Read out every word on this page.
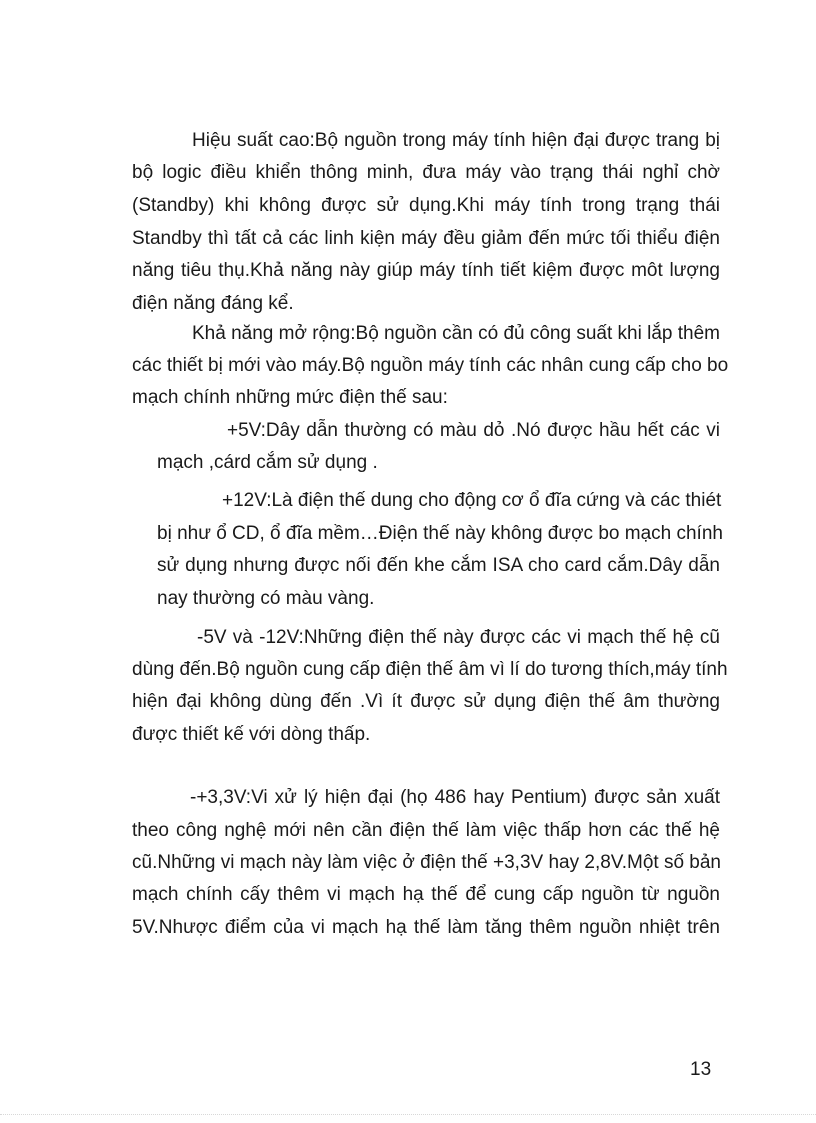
Hiệu suất cao:Bộ nguồn trong máy tính hiện đại được trang bị
bộ logic điều khiển thông minh, đưa máy vào trạng thái nghỉ chờ
(Standby) khi không được sử dụng.Khi máy tính trong trạng thái
Standby thì tất cả các linh kiện máy đều giảm đến mức tối thiểu điện
năng tiêu thụ.Khả năng này giúp máy tính tiết kiệm được môt lượng
điện năng đáng kể.
Khả năng mở rộng:Bộ nguồn cần có đủ công suất khi lắp thêm
các thiết bị mới vào máy.Bộ nguồn máy tính các nhân cung cấp cho bo
mạch chính những mức điện thế sau:
+5V:Dây dẫn thường có màu dỏ .Nó được hầu hết các vi
mạch ,cárd cắm sử dụng .
+12V:Là điện thế dung cho động cơ ổ đĩa cứng và các thiét
bị như ổ CD, ổ đĩa mềm…Điện thế này không được bo mạch chính
sử dụng nhưng được nối đến khe cắm ISA cho card cắm.Dây dẫn
nay thường có màu vàng.
-5V và -12V:Những điện thế này được các vi mạch thế hệ cũ
dùng đến.Bộ nguồn cung cấp điện thế âm vì lí do tương thích,máy tính
hiện đại không dùng đến .Vì ít được sử dụng điện thế âm thường
được thiết kế với dòng thấp.
-+3,3V:Vi xử lý hiện đại (họ 486 hay Pentium) được sản xuất
theo công nghệ mới nên cần điện thế làm việc thấp hơn các thế hệ
cũ.Những vi mạch này làm việc ở điện thế +3,3V hay 2,8V.Một số bản
mạch chính cấy thêm vi mạch hạ thế để cung cấp nguồn từ nguồn
5V.Nhược điểm của vi mạch hạ thế làm tăng thêm nguồn nhiệt trên
13
